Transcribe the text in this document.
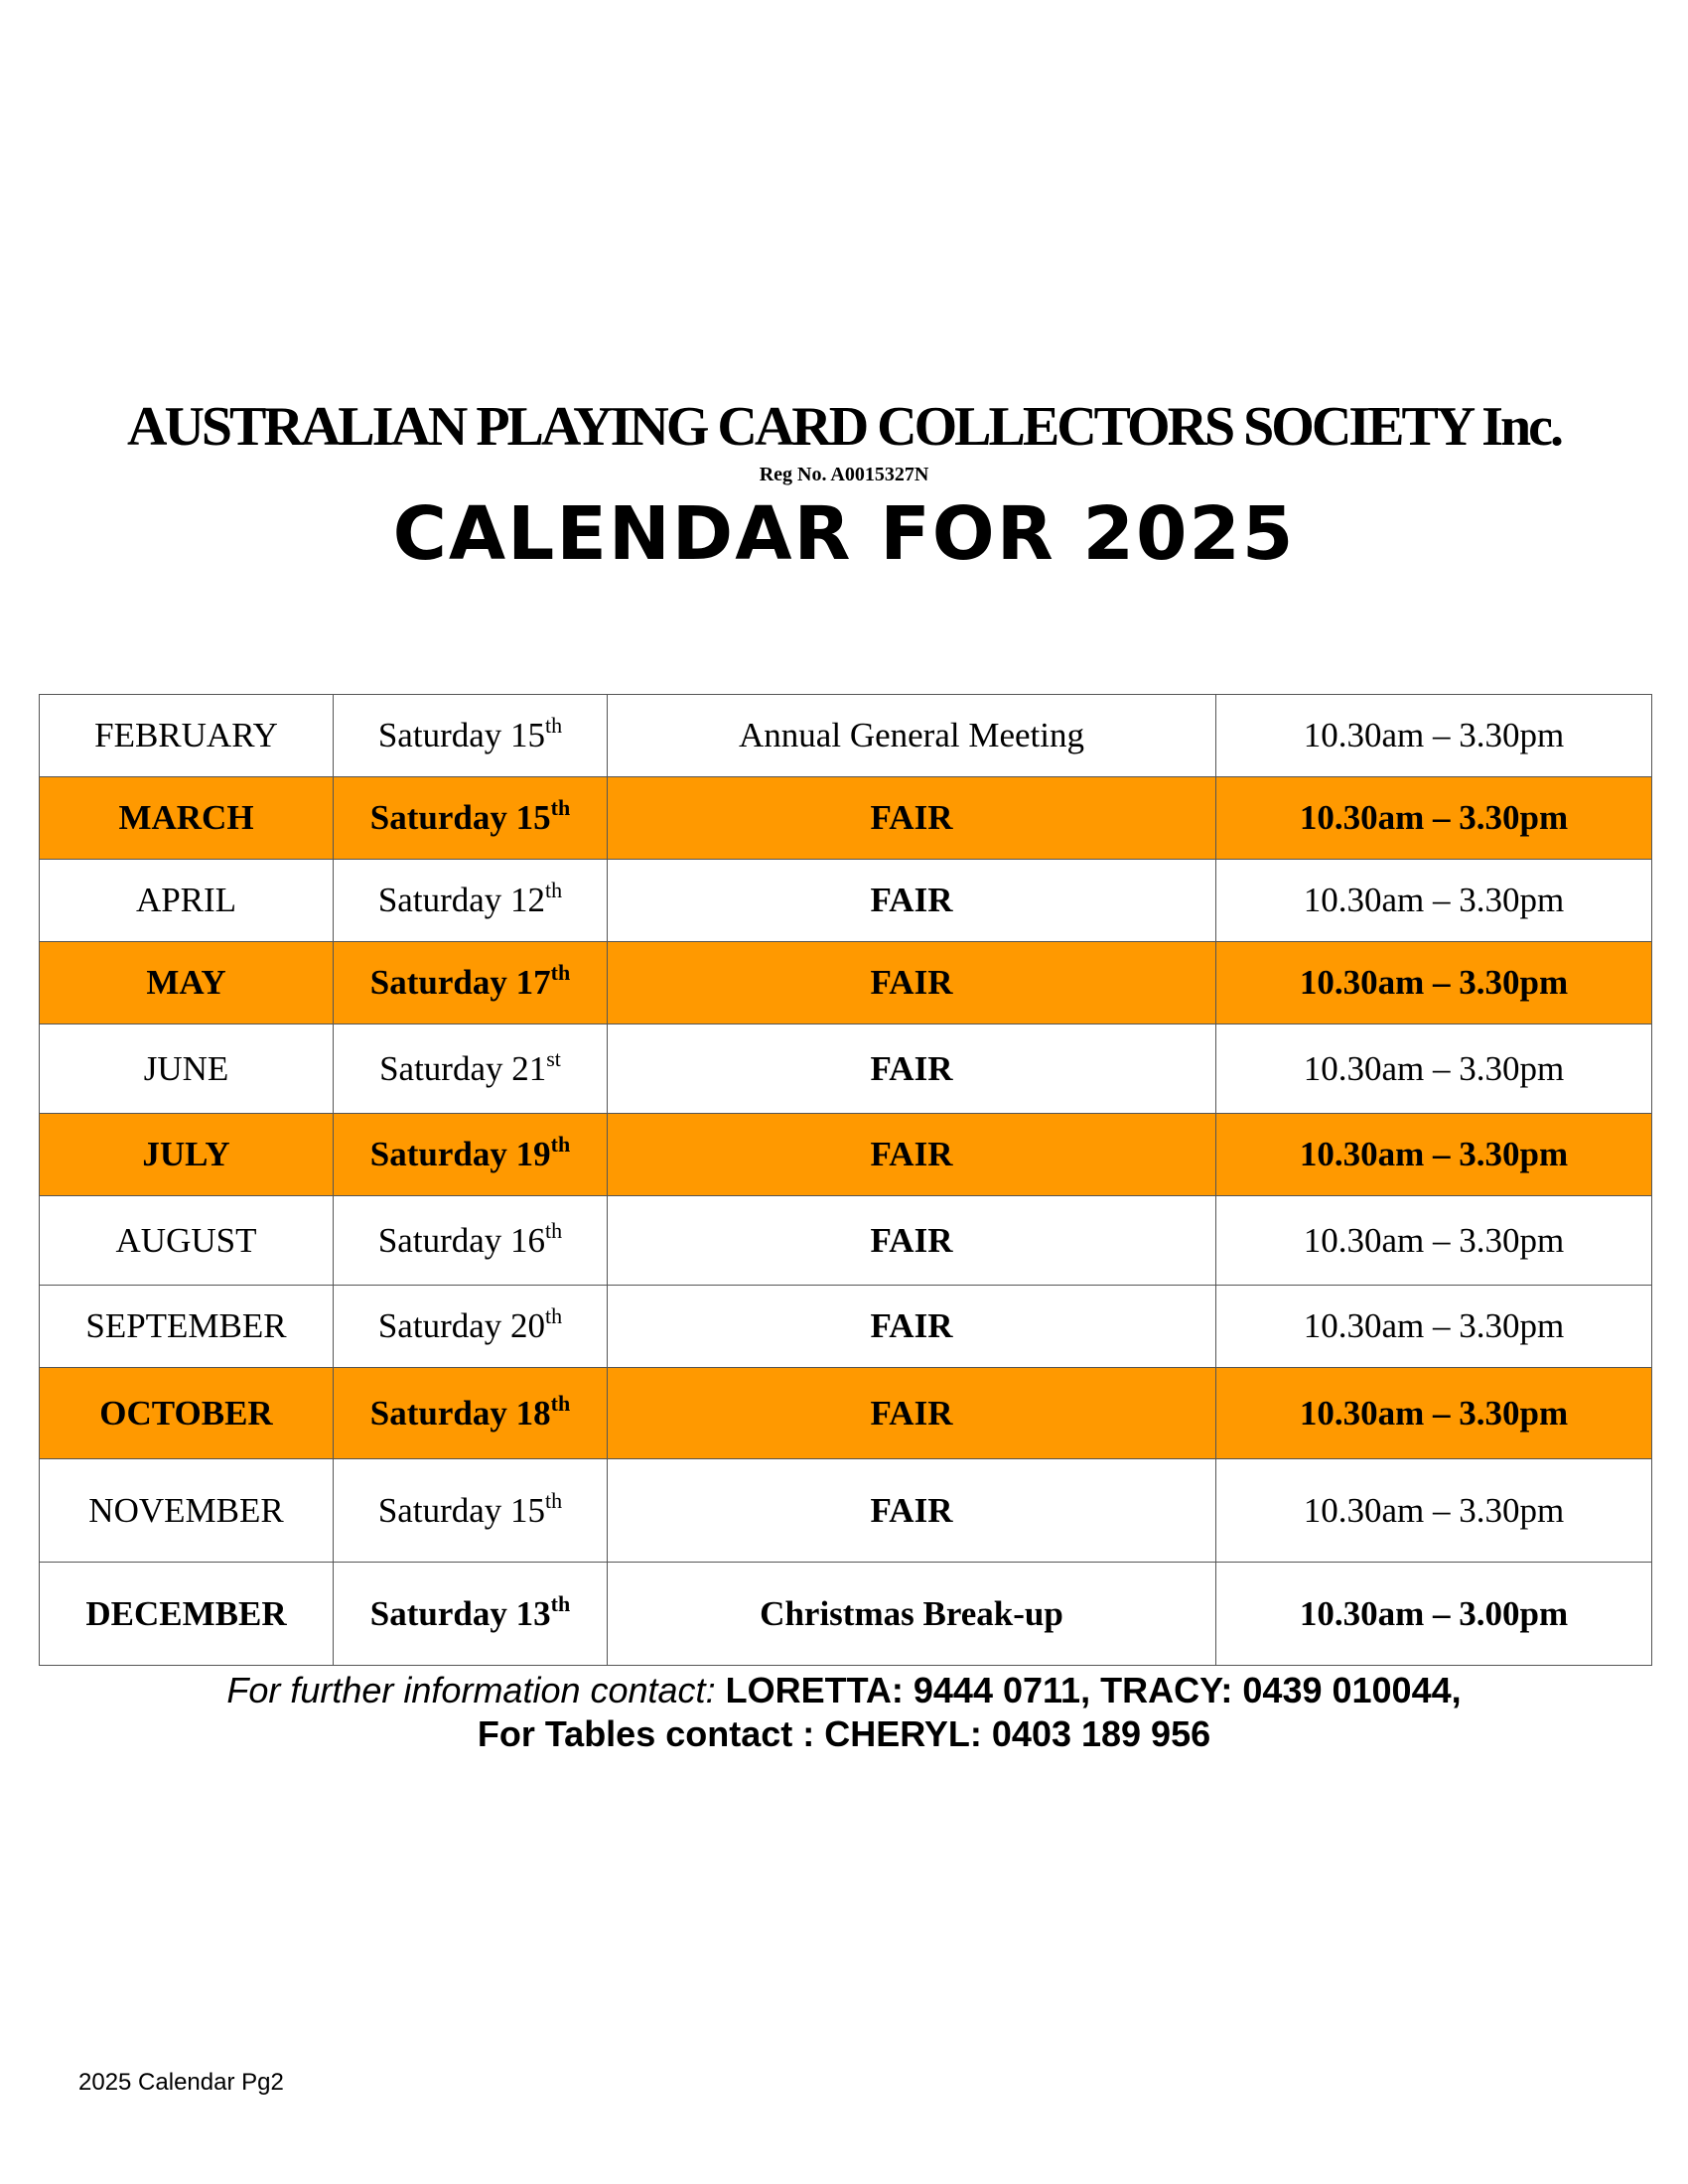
AUSTRALIAN PLAYING CARD COLLECTORS SOCIETY Inc.
Reg No. A0015327N
CALENDAR FOR 2025
FEBRUARY	Saturday 15th	Annual General Meeting	10.30am – 3.30pm
MARCH	Saturday 15th	FAIR	10.30am – 3.30pm
APRIL	Saturday 12th	FAIR	10.30am – 3.30pm
MAY	Saturday 17th	FAIR	10.30am – 3.30pm
JUNE	Saturday 21st	FAIR	10.30am – 3.30pm
JULY	Saturday 19th	FAIR	10.30am – 3.30pm
AUGUST	Saturday 16th	FAIR	10.30am – 3.30pm
SEPTEMBER	Saturday 20th	FAIR	10.30am – 3.30pm
OCTOBER	Saturday 18th	FAIR	10.30am – 3.30pm
NOVEMBER	Saturday 15th	FAIR	10.30am – 3.30pm
DECEMBER	Saturday 13th	Christmas Break-up	10.30am – 3.00pm
For further information contact: LORETTA: 9444 0711, TRACY: 0439 010044,
For Tables contact : CHERYL: 0403 189 956
2025 Calendar Pg2
